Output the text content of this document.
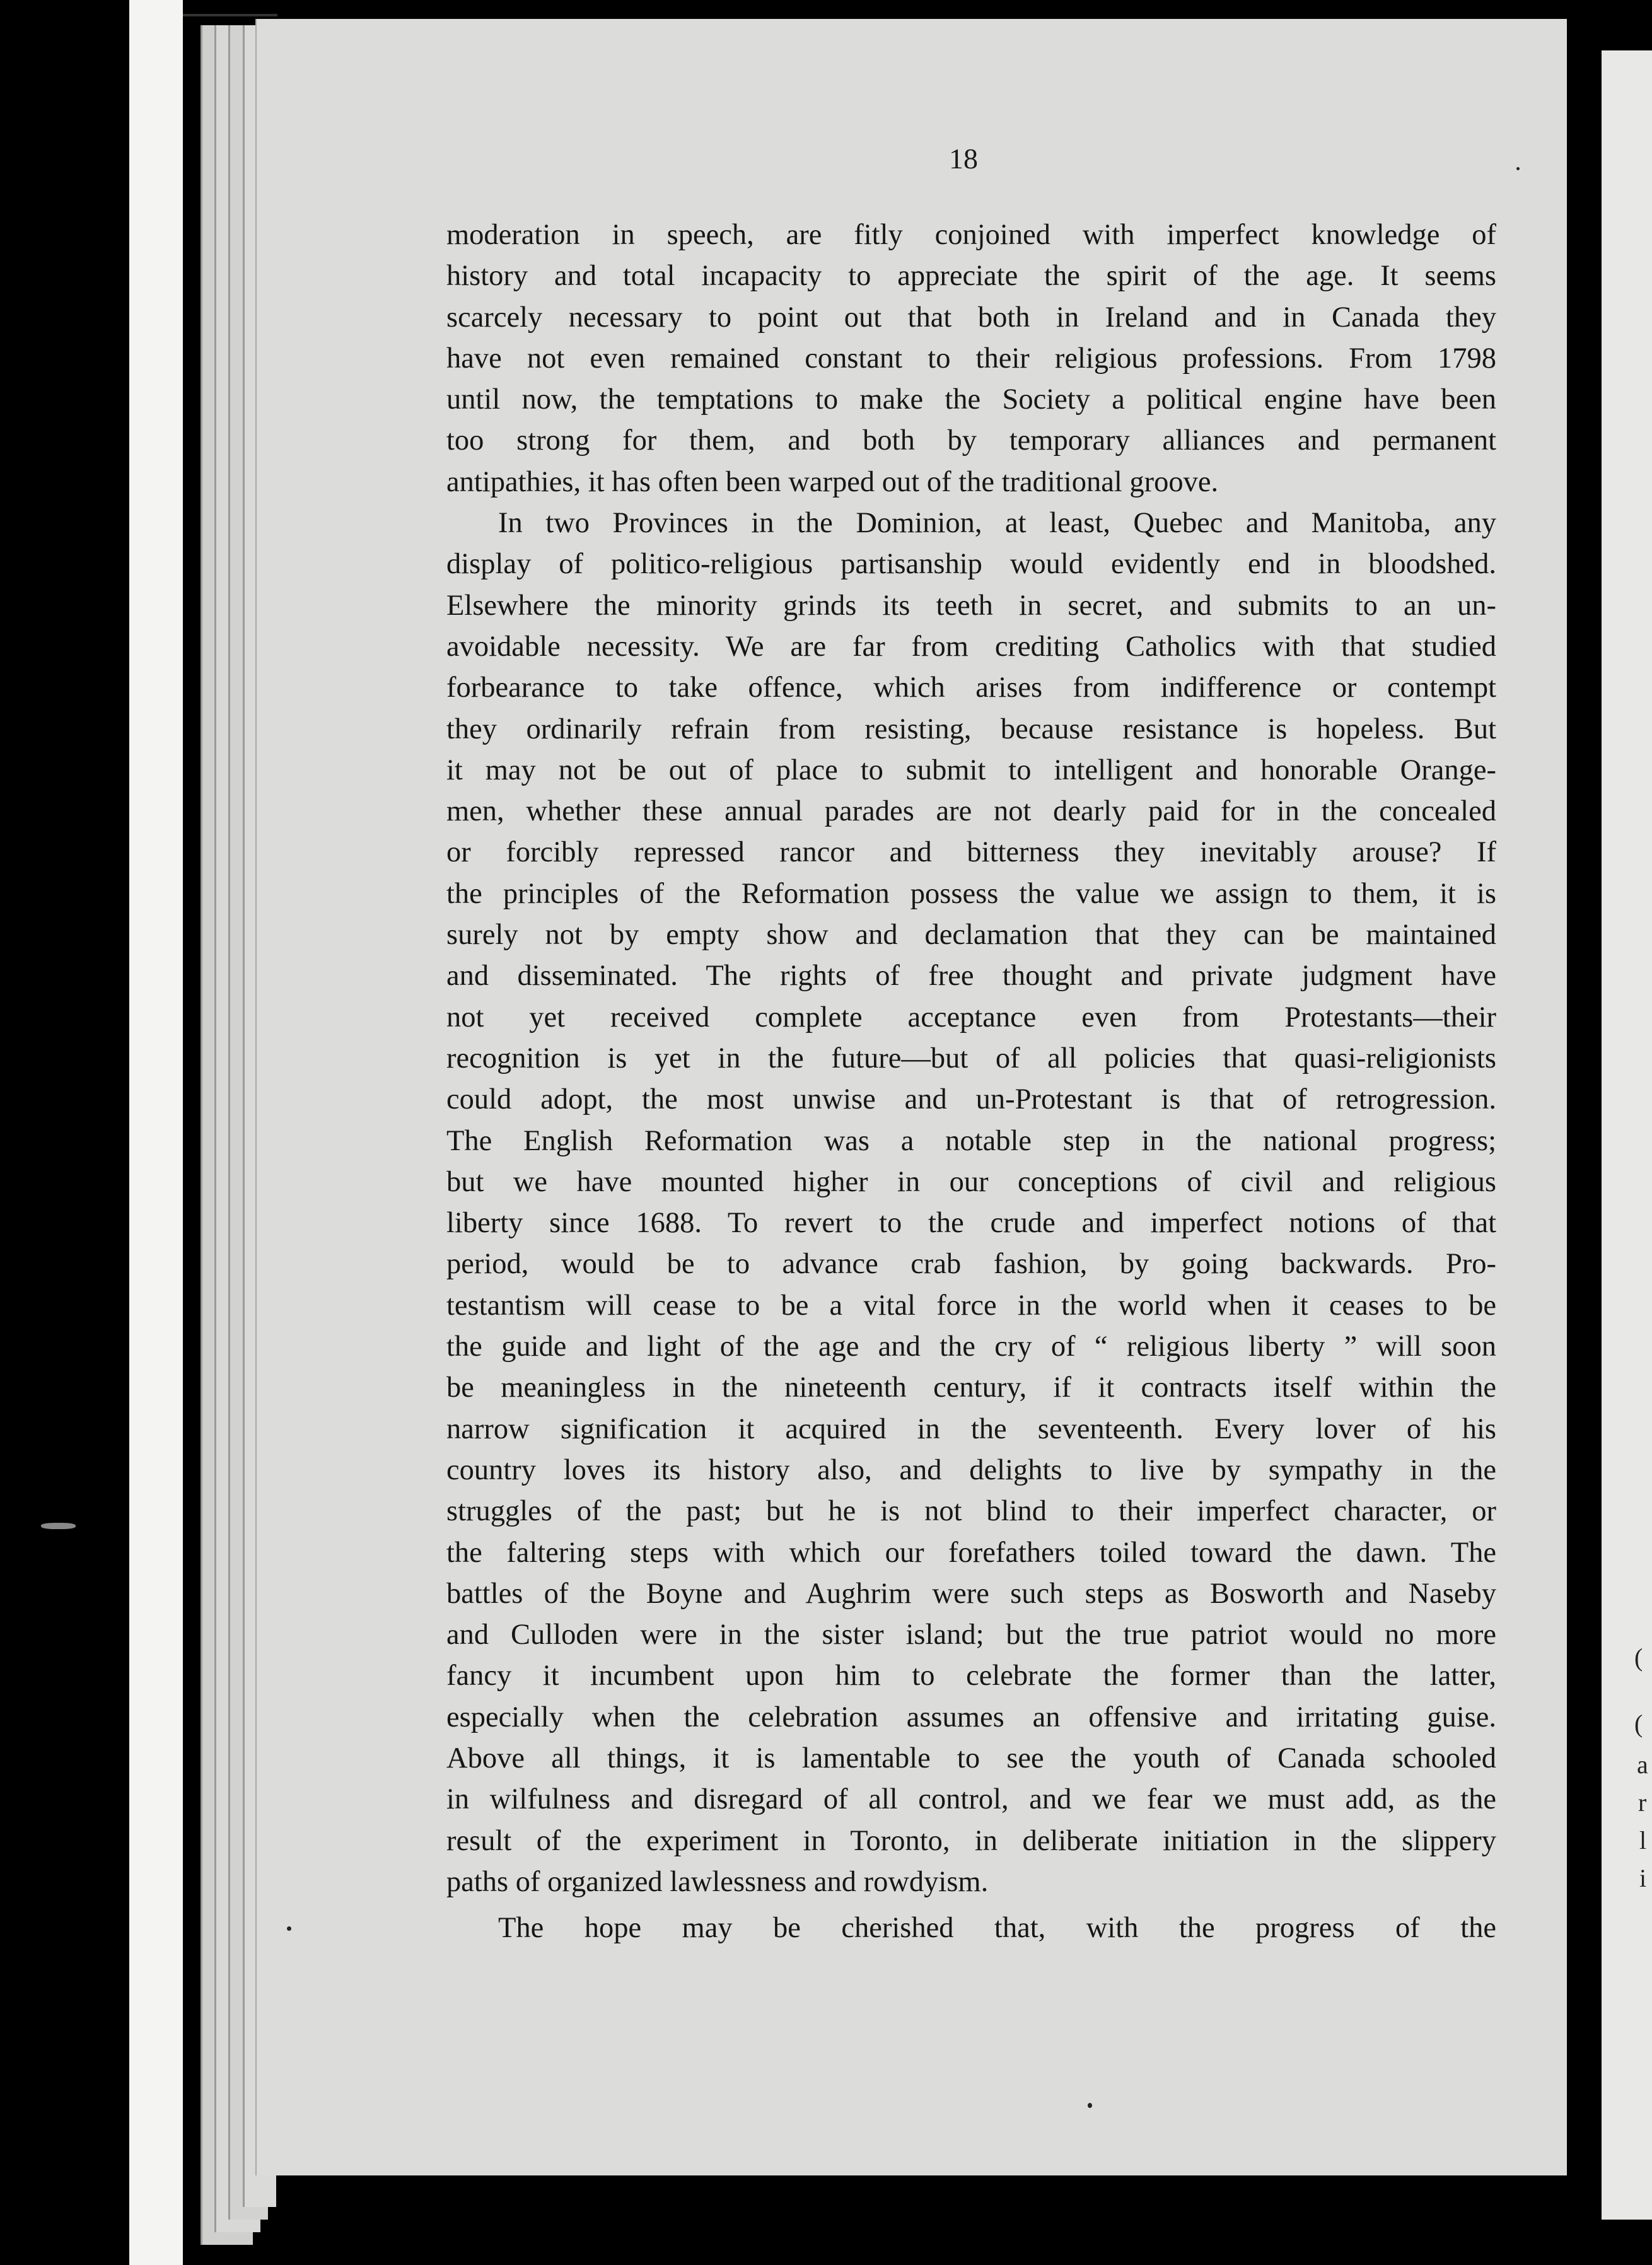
(
(
a
r
l
i
18
moderation in speech, are fitly conjoined with imperfect knowledge of
history and total incapacity to appreciate the spirit of the age. It seems
scarcely necessary to point out that both in Ireland and in Canada they
have not even remained constant to their religious professions. From 1798
until now, the temptations to make the Society a political engine have been
too strong for them, and both by temporary alliances and permanent
antipathies, it has often been warped out of the traditional groove.
In two Provinces in the Dominion, at least, Quebec and Manitoba, any
display of politico-religious partisanship would evidently end in bloodshed.
Elsewhere the minority grinds its teeth in secret, and submits to an un-
avoidable necessity. We are far from crediting Catholics with that studied
forbearance to take offence, which arises from indifference or contempt
they ordinarily refrain from resisting, because resistance is hopeless. But
it may not be out of place to submit to intelligent and honorable Orange-
men, whether these annual parades are not dearly paid for in the concealed
or forcibly repressed rancor and bitterness they inevitably arouse? If
the principles of the Reformation possess the value we assign to them, it is
surely not by empty show and declamation that they can be maintained
and disseminated. The rights of free thought and private judgment have
not yet received complete acceptance even from Protestants—their
recognition is yet in the future—but of all policies that quasi-religionists
could adopt, the most unwise and un-Protestant is that of retrogression.
The English Reformation was a notable step in the national progress;
but we have mounted higher in our conceptions of civil and religious
liberty since 1688. To revert to the crude and imperfect notions of that
period, would be to advance crab fashion, by going backwards. Pro-
testantism will cease to be a vital force in the world when it ceases to be
the guide and light of the age and the cry of “ religious liberty ” will soon
be meaningless in the nineteenth century, if it contracts itself within the
narrow signification it acquired in the seventeenth. Every lover of his
country loves its history also, and delights to live by sympathy in the
struggles of the past; but he is not blind to their imperfect character, or
the faltering steps with which our forefathers toiled toward the dawn. The
battles of the Boyne and Aughrim were such steps as Bosworth and Naseby
and Culloden were in the sister island; but the true patriot would no more
fancy it incumbent upon him to celebrate the former than the latter,
especially when the celebration assumes an offensive and irritating guise.
Above all things, it is lamentable to see the youth of Canada schooled
in wilfulness and disregard of all control, and we fear we must add, as the
result of the experiment in Toronto, in deliberate initiation in the slippery
paths of organized lawlessness and rowdyism.
The hope may be cherished that, with the progress of the
